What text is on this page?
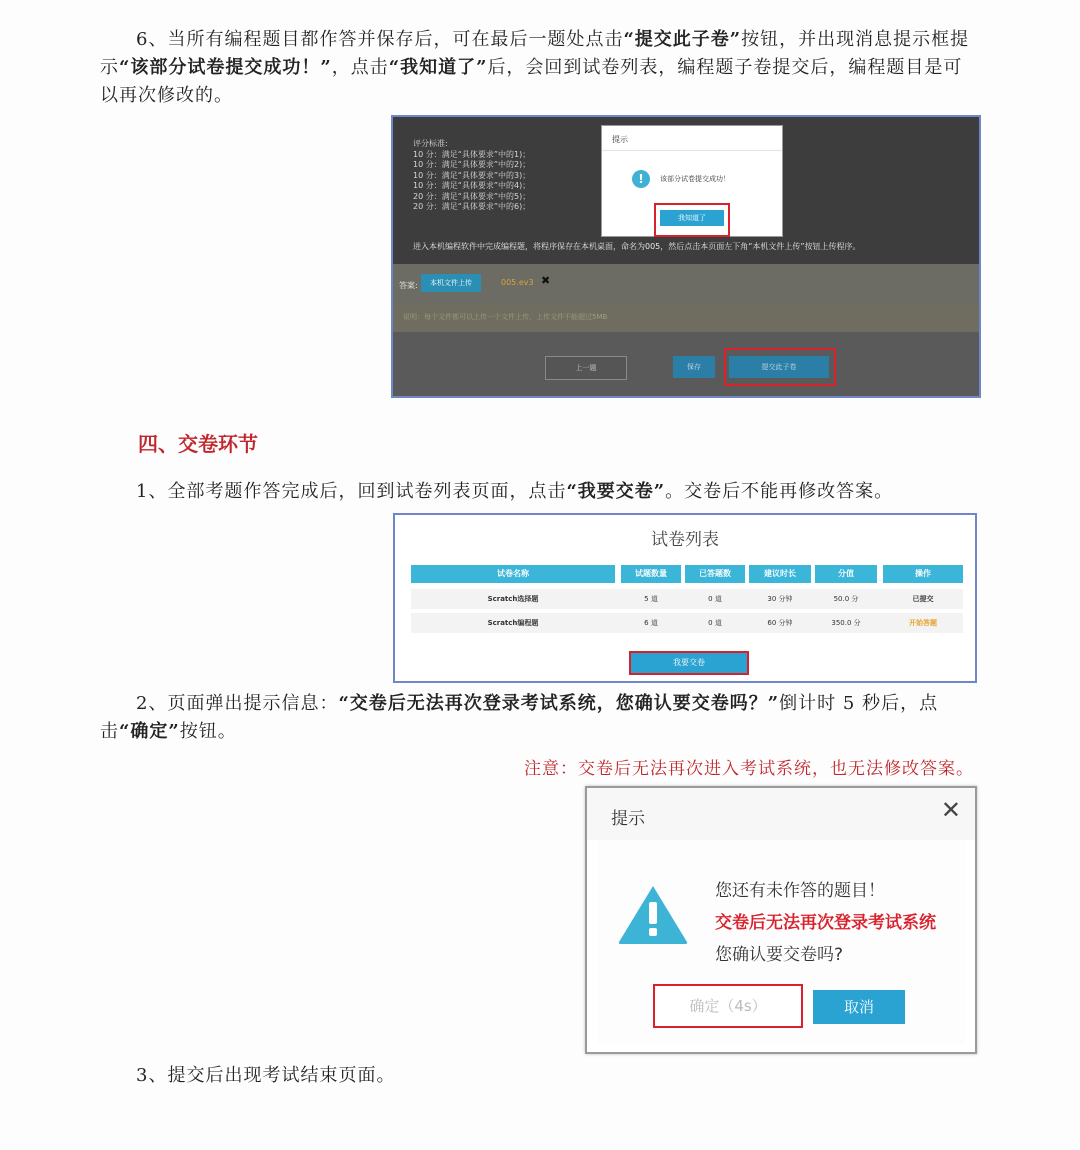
6、当所有编程题目都作答并保存后，可在最后一题处点击“提交此子卷”按钮，并出现消息提示框提示“该部分试卷提交成功！”，点击“我知道了”后，会回到试卷列表，编程题子卷提交后，编程题目是可以再次修改的。
评分标准:
10 分：满足“具体要求”中的1)；
10 分：满足“具体要求”中的2)；
10 分：满足“具体要求”中的3)；
10 分：满足“具体要求”中的4)；
20 分：满足“具体要求”中的5)；
20 分：满足“具体要求”中的6)；
进入本机编程软件中完成编程题，将程序保存在本机桌面，命名为005，然后点击本页面左下角“本机文件上传”按钮上传程序。
答案:	本机文件上传	005.ev3 ✖
说明：每个文件都可以上传一个文件上传，上传文件不能超过5MB
上一题	保存	提交此子卷
提示
!	该部分试卷提交成功！
我知道了
四、交卷环节
1、全部考题作答完成后，回到试卷列表页面，点击“我要交卷”。交卷后不能再修改答案。
试卷列表
试卷名称	试题数量	已答题数	建议时长	分值	操作
Scratch选择题	5 道	0 道	30 分钟	50.0 分	已提交
Scratch编程题	6 道	0 道	60 分钟	350.0 分	开始答题
我要交卷
2、页面弹出提示信息：“交卷后无法再次登录考试系统，您确认要交卷吗？”倒计时 5 秒后，点击“确定”按钮。
注意：交卷后无法再次进入考试系统，也无法修改答案。
提示	✕
您还有未作答的题目！
交卷后无法再次登录考试系统
您确认要交卷吗?
确定（4s）	取消
3、提交后出现考试结束页面。
